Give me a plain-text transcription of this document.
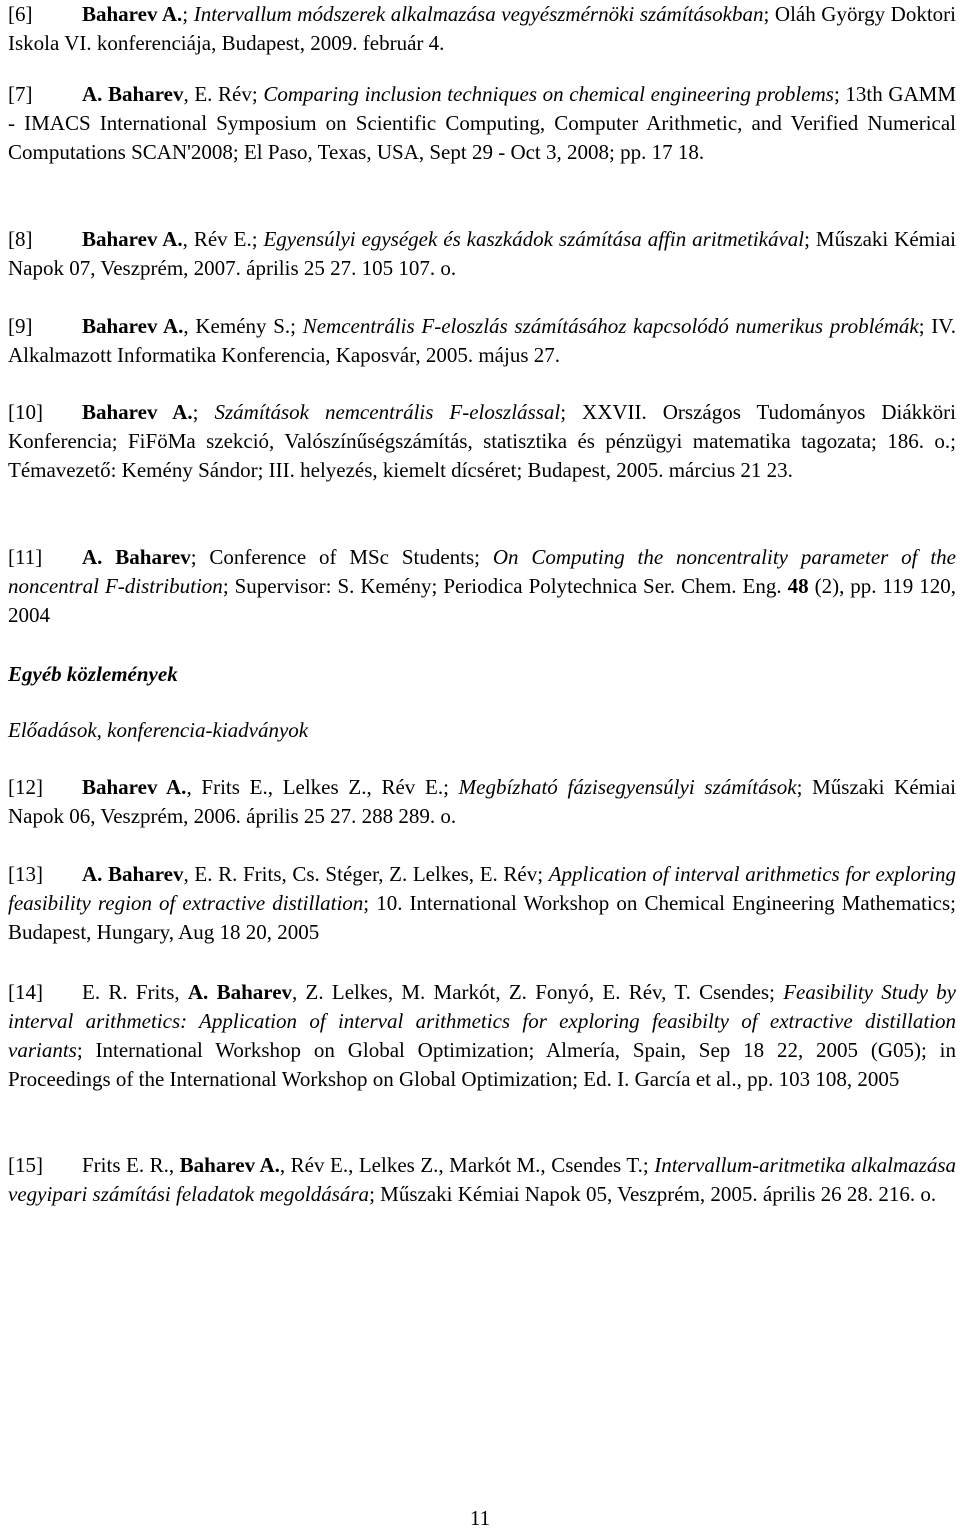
Egyéb közlemények

Előadások, konferencia-kiadványok

[6] Baharev A.; Intervallum módszerek alkalmazása vegyészmérnöki számításokban; Oláh György Doktori Iskola VI. konferenciája, Budapest, 2009. február 4.

[7] A. Baharev, E. Rév; Comparing inclusion techniques on chemical engineering problems; 13th GAMM - IMACS International Symposium on Scientific Computing, Computer Arithmetic, and Verified Numerical Computations SCAN'2008; El Paso, Texas, USA, Sept 29 - Oct 3, 2008; pp. 17 18.

[8] Baharev A., Rév E.; Egyensúlyi egységek és kaszkádok számítása affin aritmetikával; Műszaki Kémiai Napok 07, Veszprém, 2007. április 25 27. 105 107. o.

[9] Baharev A., Kemény S.; Nemcentrális F-eloszlás számításához kapcsolódó numerikus problémák; IV. Alkalmazott Informatika Konferencia, Kaposvár, 2005. május 27.

[10] Baharev A.; Számítások nemcentrális F-eloszlással; XXVII. Országos Tudományos Diákköri Konferencia; FiFöMa szekció, Valószínűségszámítás, statisztika és pénzügyi matematika tagozata; 186. o.; Témavezető: Kemény Sándor; III. helyezés, kiemelt dícséret; Budapest, 2005. március 21 23.

[11] A. Baharev; Conference of MSc Students; On Computing the noncentrality parameter of the noncentral F-distribution; Supervisor: S. Kemény; Periodica Polytechnica Ser. Chem. Eng. 48 (2), pp. 119 120, 2004

[12] Baharev A., Frits E., Lelkes Z., Rév E.; Megbízható fázisegyensúlyi számítások; Műszaki Kémiai Napok 06, Veszprém, 2006. április 25 27. 288 289. o.

[13] A. Baharev, E. R. Frits, Cs. Stéger, Z. Lelkes, E. Rév; Application of interval arithmetics for exploring feasibility region of extractive distillation; 10. International Workshop on Chemical Engineering Mathematics; Budapest, Hungary, Aug 18 20, 2005

[14] E. R. Frits, A. Baharev, Z. Lelkes, M. Markót, Z. Fonyó, E. Rév, T. Csendes; Feasibility Study by interval arithmetics: Application of interval arithmetics for exploring feasibilty of extractive distillation variants; International Workshop on Global Optimization; Almería, Spain, Sep 18 22, 2005 (G05); in Proceedings of the International Workshop on Global Optimization; Ed. I. García et al., pp. 103 108, 2005

[15] Frits E. R., Baharev A., Rév E., Lelkes Z., Markót M., Csendes T.; Intervallum-aritmetika alkalmazása vegyipari számítási feladatok megoldására; Műszaki Kémiai Napok 05, Veszprém, 2005. április 26 28. 216. o.

11
